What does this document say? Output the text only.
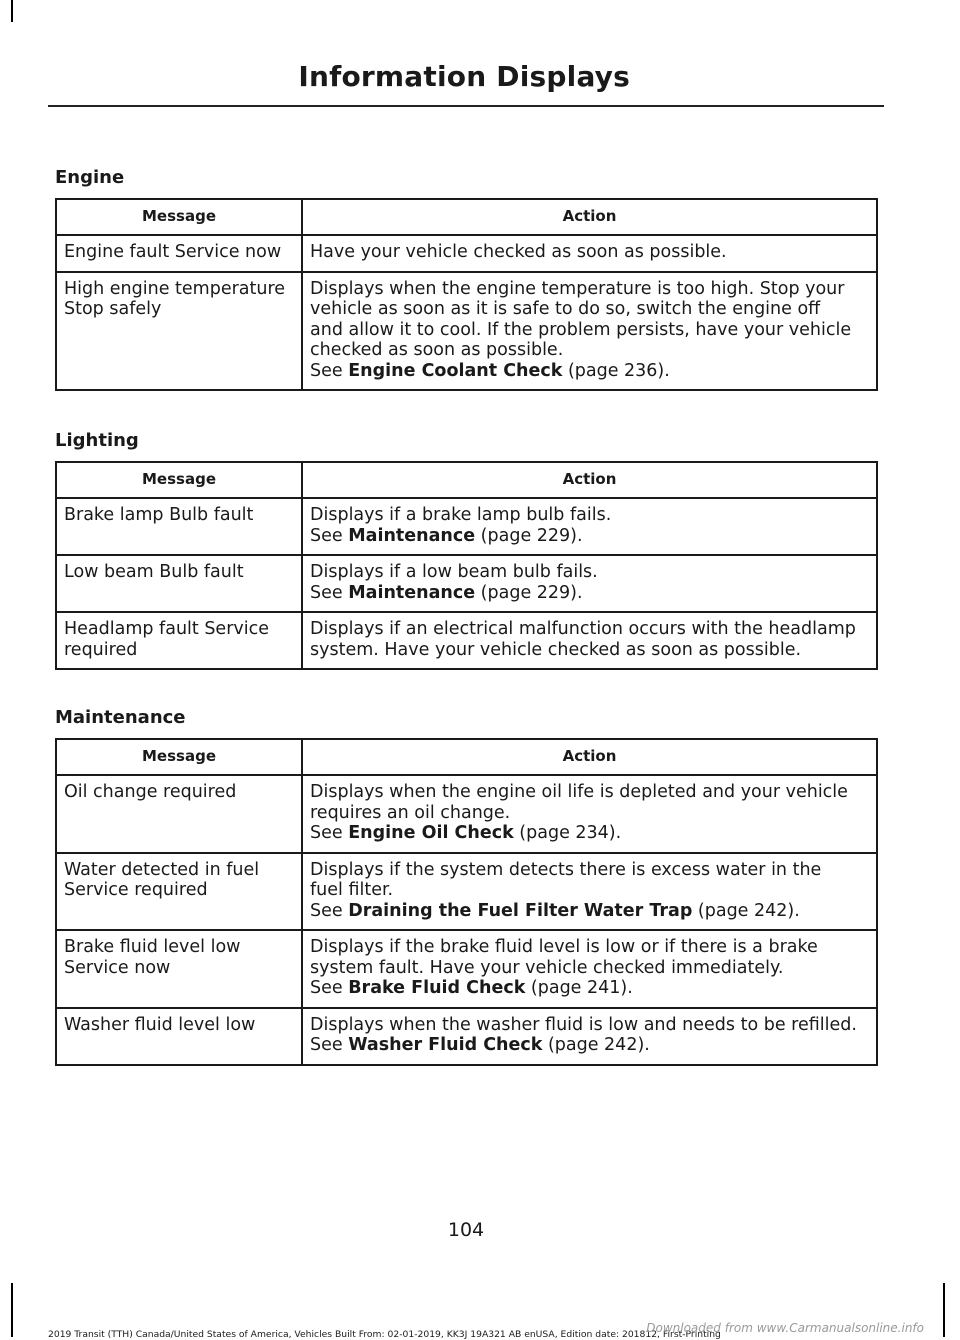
Information Displays
Engine
Message	Action

Engine fault Service now	Have your vehicle checked as soon as possible.

High engine temperature
Stop safely	Displays when the engine temperature is too high. Stop your
vehicle as soon as it is safe to do so, switch the engine off
and allow it to cool. If the problem persists, have your vehicle
checked as soon as possible.
See Engine Coolant Check (page 236).
Lighting
Message	Action

Brake lamp Bulb fault	Displays if a brake lamp bulb fails.
See Maintenance (page 229).

Low beam Bulb fault	Displays if a low beam bulb fails.
See Maintenance (page 229).

Headlamp fault Service
required	Displays if an electrical malfunction occurs with the headlamp
system. Have your vehicle checked as soon as possible.
Maintenance
Message	Action

Oil change required	Displays when the engine oil life is depleted and your vehicle
requires an oil change.
See Engine Oil Check (page 234).

Water detected in fuel
Service required	Displays if the system detects there is excess water in the
fuel filter.
See Draining the Fuel Filter Water Trap (page 242).

Brake fluid level low
Service now	Displays if the brake fluid level is low or if there is a brake
system fault. Have your vehicle checked immediately.
See Brake Fluid Check (page 241).

Washer fluid level low	Displays when the washer fluid is low and needs to be refilled.
See Washer Fluid Check (page 242).
104
2019 Transit (TTH) Canada/United States of America, Vehicles Built From: 02-01-2019, KK3J 19A321 AB enUSA, Edition date: 201812, First-Printing
Downloaded from www.Carmanualsonline.info
